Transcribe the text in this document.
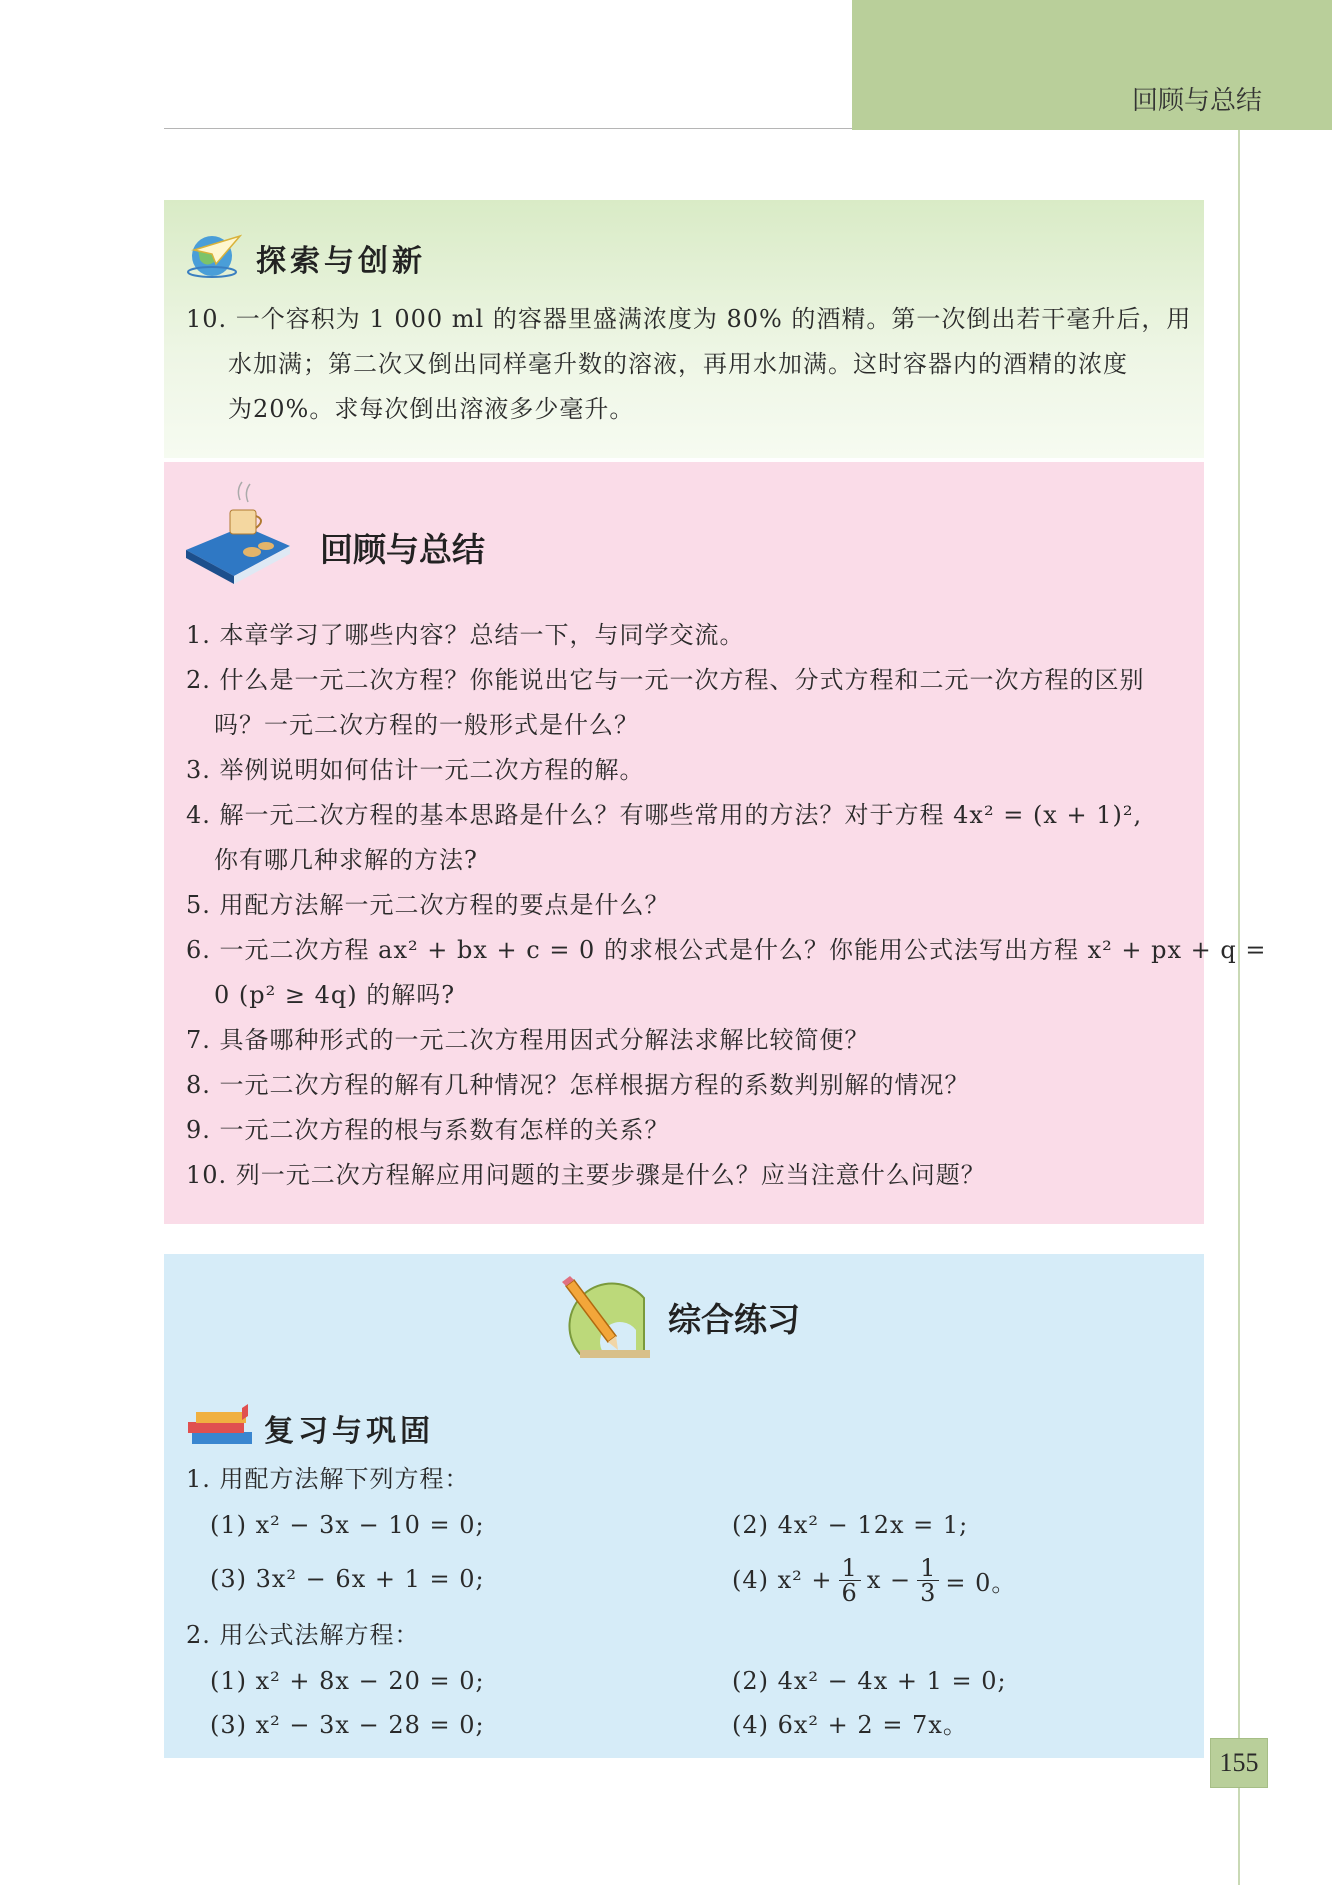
回顾与总结
探索与创新
10. 一个容积为 1 000 ml 的容器里盛满浓度为 80% 的酒精。第一次倒出若干毫升后，用
水加满；第二次又倒出同样毫升数的溶液，再用水加满。这时容器内的酒精的浓度
为20%。求每次倒出溶液多少毫升。
回顾与总结
1. 本章学习了哪些内容？总结一下，与同学交流。
2. 什么是一元二次方程？你能说出它与一元一次方程、分式方程和二元一次方程的区别
吗？一元二次方程的一般形式是什么？
3. 举例说明如何估计一元二次方程的解。
4. 解一元二次方程的基本思路是什么？有哪些常用的方法？对于方程 4x² = (x + 1)²,
你有哪几种求解的方法?
5. 用配方法解一元二次方程的要点是什么？
6. 一元二次方程 ax² + bx + c = 0 的求根公式是什么？你能用公式法写出方程 x² + px + q =
0 (p² ≥ 4q) 的解吗?
7. 具备哪种形式的一元二次方程用因式分解法求解比较简便？
8. 一元二次方程的解有几种情况？怎样根据方程的系数判别解的情况？
9. 一元二次方程的根与系数有怎样的关系？
10. 列一元二次方程解应用问题的主要步骤是什么？应当注意什么问题？
综合练习
复习与巩固
1. 用配方法解下列方程：
(1) x² − 3x − 10 = 0;	(2) 4x² − 12x = 1;
(3) 3x² − 6x + 1 = 0;	(4) $x^2 + \frac{1}{6}$ $x - \frac{1}{3} = 0$。
2. 用公式法解方程：
(1) x² + 8x − 20 = 0;	(2) 4x² − 4x + 1 = 0;
(3) x² − 3x − 28 = 0;	(4) 6x² + 2 = 7x。
155
